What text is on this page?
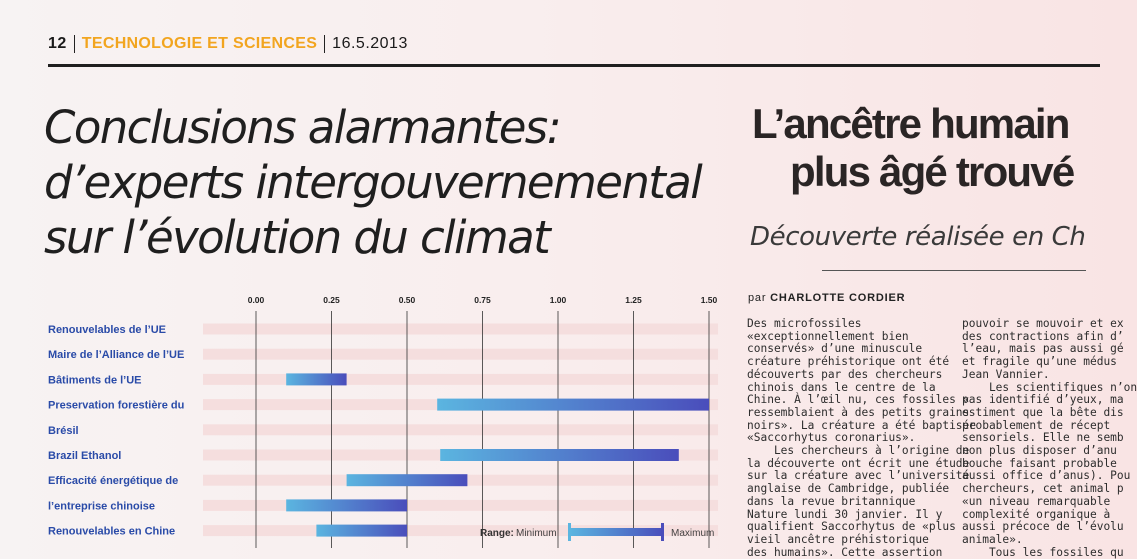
12 TECHNOLOGIE ET SCIENCES 16.5.2013
Conclusions alarmantes:
d’experts intergouvernemental
sur l’évolution du climat
0.00	0.25	0.50	0.75	1.00	1.25	1.50
Renouvelables de l’UE
Maire de l’Alliance de l’UE
Bâtiments de l’UE
Preservation forestière du
Brésil
Brazil Ethanol
Efficacité énergétique de
l’entreprise chinoise
Renouvelables en Chine	Range: Minimum	Maximum
L’ancêtre humain
plus âgé trouvé

Découverte réalisée en Ch

par CHARLOTTE CORDIER

Des microfossiles

«exceptionnellement bien

conservés» d’une minuscule

créature préhistorique ont été

découverts par des chercheurs

chinois dans le centre de la

Chine. À l’œil nu, ces fossiles «

ressemblaient à des petits grains

noirs». La créature a été baptisée

«Saccorhytus coronarius».

Les chercheurs à l’origine de

la découverte ont écrit une étude

sur la créature avec l’université

anglaise de Cambridge, publiée

dans la revue britannique

Nature lundi 30 janvier. Il y

qualifient Saccorhytus de «plus

vieil ancêtre préhistorique

des humains». Cette assertion

pouvoir se mouvoir et ex

des contractions afin d’

l’eau, mais pas aussi gé

et fragile qu’une médus

Jean Vannier.

Les scientifiques n’on

pas identifié d’yeux, ma

estiment que la bête dis

probablement de récept

sensoriels. Elle ne semb

non plus disposer d’anu

bouche faisant probable

aussi office d’anus). Pou

chercheurs, cet animal p

«un niveau remarquable

complexité organique à

aussi précoce de l’évolu

animale».

Tous les fossiles qu
